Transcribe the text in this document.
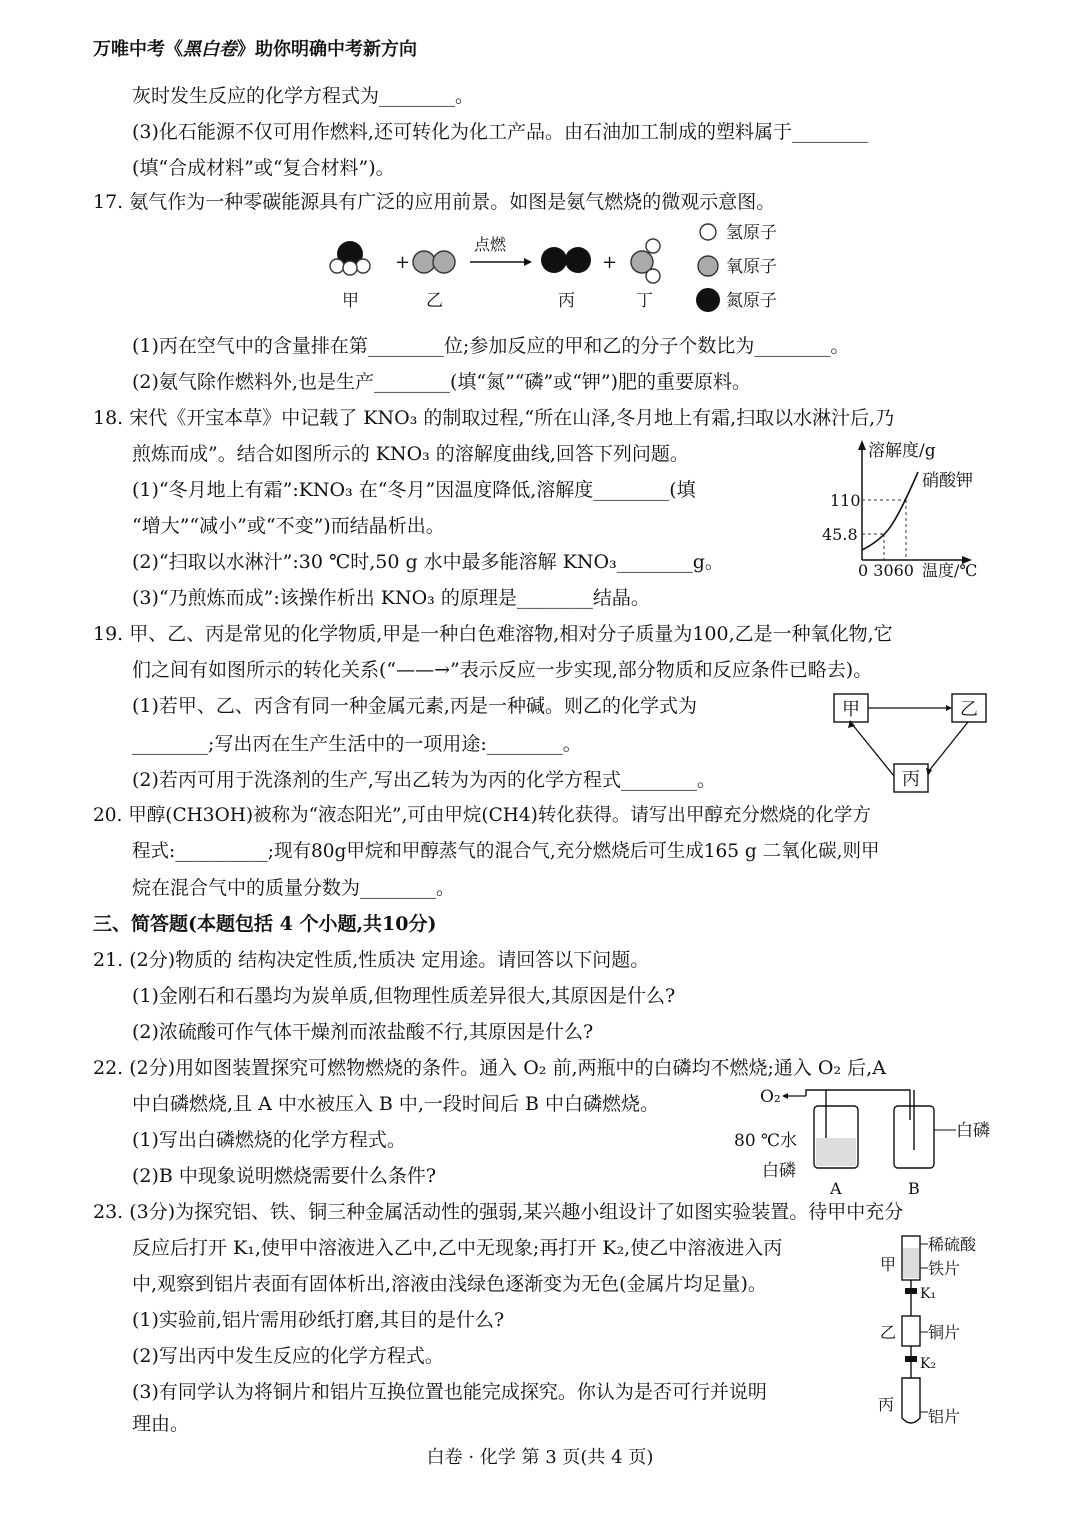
万唯中考《黑白卷》助你明确中考新方向
灰时发生反应的化学方程式为________。
(3)化石能源不仅可用作燃料,还可转化为化工产品。由石油加工制成的塑料属于________
(填“合成材料”或“复合材料”)。
17. 氨气作为一种零碳能源具有广泛的应用前景。如图是氨气燃烧的微观示意图。
(1)丙在空气中的含量排在第________位;参加反应的甲和乙的分子个数比为________。
(2)氨气除作燃料外,也是生产________(填“氮”“磷”或“钾”)肥的重要原料。
18. 宋代《开宝本草》中记载了 KNO₃ 的制取过程,“所在山泽,冬月地上有霜,扫取以水淋汁后,乃
煎炼而成”。结合如图所示的 KNO₃ 的溶解度曲线,回答下列问题。
(1)“冬月地上有霜”:KNO₃ 在“冬月”因温度降低,溶解度________(填
“增大”“减小”或“不变”)而结晶析出。
(2)“扫取以水淋汁”:30 ℃时,50 g 水中最多能溶解 KNO₃________g。
(3)“乃煎炼而成”:该操作析出 KNO₃ 的原理是________结晶。
19. 甲、乙、丙是常见的化学物质,甲是一种白色难溶物,相对分子质量为100,乙是一种氧化物,它
们之间有如图所示的转化关系(“——→”表示反应一步实现,部分物质和反应条件已略去)。
(1)若甲、乙、丙含有同一种金属元素,丙是一种碱。则乙的化学式为
________;写出丙在生产生活中的一项用途:________。
(2)若丙可用于洗涤剂的生产,写出乙转为为丙的化学方程式________。
20. 甲醇(CH3OH)被称为“液态阳光”,可由甲烷(CH4)转化获得。请写出甲醇充分燃烧的化学方
程式:__________;现有80g甲烷和甲醇蒸气的混合气,充分燃烧后可生成165 g 二氧化碳,则甲
烷在混合气中的质量分数为________。
三、简答题(本题包括 4 个小题,共10分)
21. (2分)物质的 结构决定性质,性质决 定用途。请回答以下问题。
(1)金刚石和石墨均为炭单质,但物理性质差异很大,其原因是什么?
(2)浓硫酸可作气体干燥剂而浓盐酸不行,其原因是什么?
22. (2分)用如图装置探究可燃物燃烧的条件。通入 O₂ 前,两瓶中的白磷均不燃烧;通入 O₂ 后,A
中白磷燃烧,且 A 中水被压入 B 中,一段时间后 B 中白磷燃烧。
(1)写出白磷燃烧的化学方程式。
(2)B 中现象说明燃烧需要什么条件?
23. (3分)为探究铝、铁、铜三种金属活动性的强弱,某兴趣小组设计了如图实验装置。待甲中充分
反应后打开 K₁,使甲中溶液进入乙中,乙中无现象;再打开 K₂,使乙中溶液进入丙
中,观察到铝片表面有固体析出,溶液由浅绿色逐渐变为无色(金属片均足量)。
(1)实验前,铝片需用砂纸打磨,其目的是什么?
(2)写出丙中发生反应的化学方程式。
(3)有同学认为将铜片和铝片互换位置也能完成探究。你认为是否可行并说明
理由。
+
点燃
+
甲	乙	丙	丁
氢原子
氧原子
氮原子
溶解度/g
温度/℃
硝酸钾
110
45.8
0 3060
甲	乙
丙
O₂
白磷
80 ℃水
白磷
A	B
甲
稀硫酸
铁片
K₁
乙 铜片
K₂
丙
铝片
白卷 · 化学 第 3 页(共 4 页)
